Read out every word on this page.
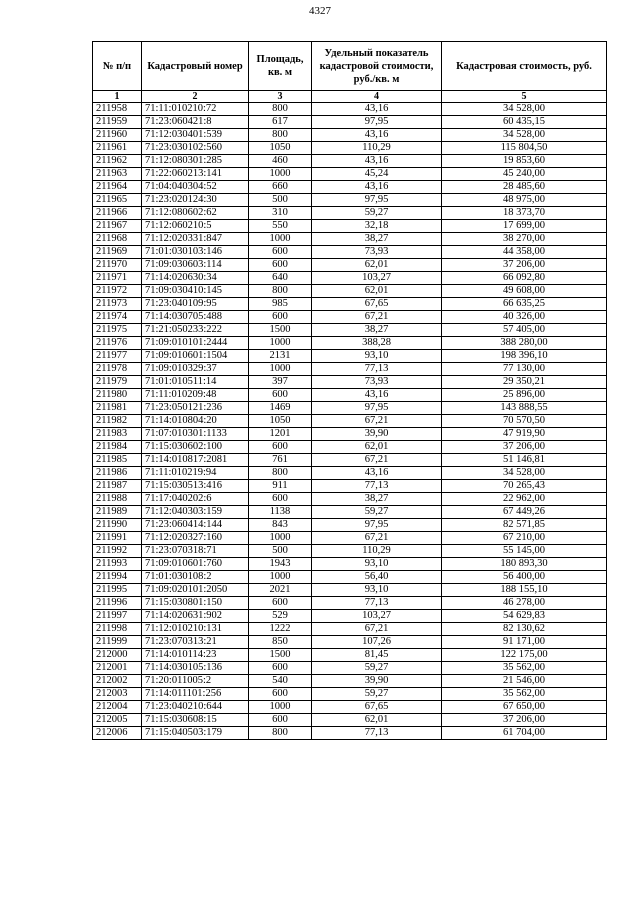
4327
№ п/п	Кадастровый номер	Площадь, кв. м	Удельный показатель кадастровой стоимости, руб./кв. м	Кадастровая стоимость, руб.
1	2	3	4	5
211958	71:11:010210:72	800	43,16	34 528,00
211959	71:23:060421:8	617	97,95	60 435,15
211960	71:12:030401:539	800	43,16	34 528,00
211961	71:23:030102:560	1050	110,29	115 804,50
211962	71:12:080301:285	460	43,16	19 853,60
211963	71:22:060213:141	1000	45,24	45 240,00
211964	71:04:040304:52	660	43,16	28 485,60
211965	71:23:020124:30	500	97,95	48 975,00
211966	71:12:080602:62	310	59,27	18 373,70
211967	71:12:060210:5	550	32,18	17 699,00
211968	71:12:020331:847	1000	38,27	38 270,00
211969	71:01:030103:146	600	73,93	44 358,00
211970	71:09:030603:114	600	62,01	37 206,00
211971	71:14:020630:34	640	103,27	66 092,80
211972	71:09:030410:145	800	62,01	49 608,00
211973	71:23:040109:95	985	67,65	66 635,25
211974	71:14:030705:488	600	67,21	40 326,00
211975	71:21:050233:222	1500	38,27	57 405,00
211976	71:09:010101:2444	1000	388,28	388 280,00
211977	71:09:010601:1504	2131	93,10	198 396,10
211978	71:09:010329:37	1000	77,13	77 130,00
211979	71:01:010511:14	397	73,93	29 350,21
211980	71:11:010209:48	600	43,16	25 896,00
211981	71:23:050121:236	1469	97,95	143 888,55
211982	71:14:010804:20	1050	67,21	70 570,50
211983	71:07:010301:1133	1201	39,90	47 919,90
211984	71:15:030602:100	600	62,01	37 206,00
211985	71:14:010817:2081	761	67,21	51 146,81
211986	71:11:010219:94	800	43,16	34 528,00
211987	71:15:030513:416	911	77,13	70 265,43
211988	71:17:040202:6	600	38,27	22 962,00
211989	71:12:040303:159	1138	59,27	67 449,26
211990	71:23:060414:144	843	97,95	82 571,85
211991	71:12:020327:160	1000	67,21	67 210,00
211992	71:23:070318:71	500	110,29	55 145,00
211993	71:09:010601:760	1943	93,10	180 893,30
211994	71:01:030108:2	1000	56,40	56 400,00
211995	71:09:020101:2050	2021	93,10	188 155,10
211996	71:15:030801:150	600	77,13	46 278,00
211997	71:14:020631:902	529	103,27	54 629,83
211998	71:12:010210:131	1222	67,21	82 130,62
211999	71:23:070313:21	850	107,26	91 171,00
212000	71:14:010114:23	1500	81,45	122 175,00
212001	71:14:030105:136	600	59,27	35 562,00
212002	71:20:011005:2	540	39,90	21 546,00
212003	71:14:011101:256	600	59,27	35 562,00
212004	71:23:040210:644	1000	67,65	67 650,00
212005	71:15:030608:15	600	62,01	37 206,00
212006	71:15:040503:179	800	77,13	61 704,00
